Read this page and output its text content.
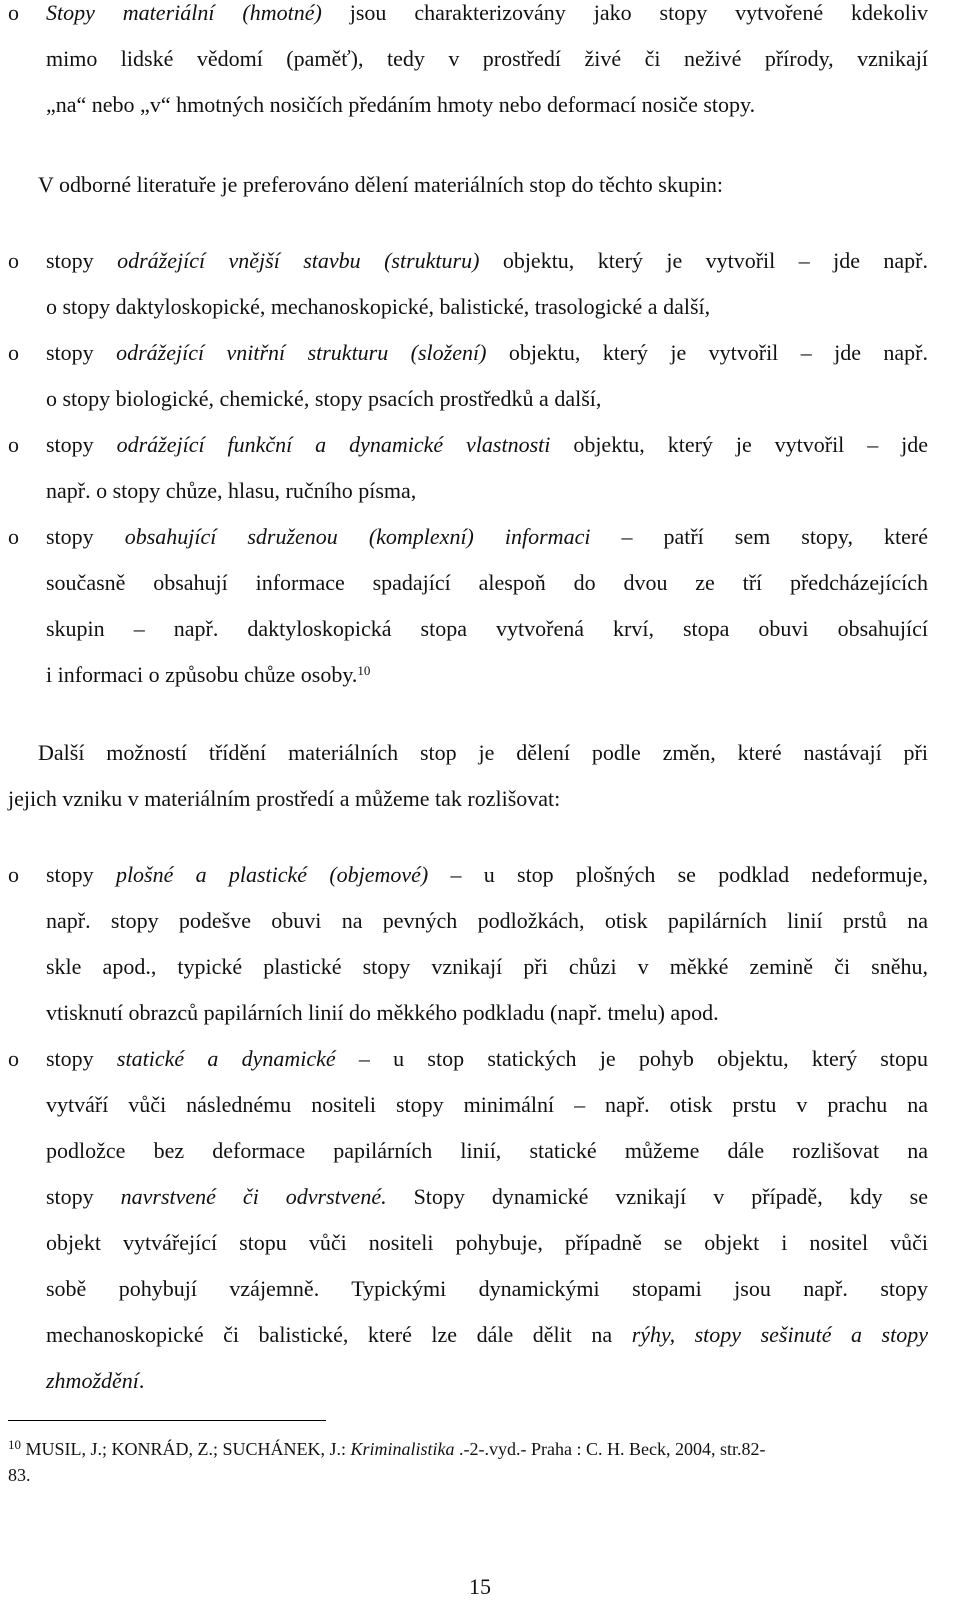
o Stopy materiální (hmotné) jsou charakterizovány jako stopy vytvořené kdekoliv
mimo lidské vědomí (paměť), tedy v prostředí živé či neživé přírody, vznikají
„na“ nebo „v“ hmotných nosičích předáním hmoty nebo deformací nosiče stopy.
V odborné literatuře je preferováno dělení materiálních stop do těchto skupin:
o stopy odrážející vnější stavbu (strukturu) objektu, který je vytvořil – jde např.
o stopy daktyloskopické, mechanoskopické, balistické, trasologické a další,
o stopy odrážející vnitřní strukturu (složení) objektu, který je vytvořil – jde např.
o stopy biologické, chemické, stopy psacích prostředků a další,
o stopy odrážející funkční a dynamické vlastnosti objektu, který je vytvořil – jde
např. o stopy chůze, hlasu, ručního písma,
o stopy obsahující sdruženou (komplexní) informaci – patří sem stopy, které
současně obsahují informace spadající alespoň do dvou ze tří předcházejících
skupin – např. daktyloskopická stopa vytvořená krví, stopa obuvi obsahující
i informaci o způsobu chůze osoby.$^{10}$
Další možností třídění materiálních stop je dělení podle změn, které nastávají při
jejich vzniku v materiálním prostředí a můžeme tak rozlišovat:
o stopy plošné a plastické (objemové) – u stop plošných se podklad nedeformuje,
např. stopy podešve obuvi na pevných podložkách, otisk papilárních linií prstů na
skle apod., typické plastické stopy vznikají při chůzi v měkké zemině či sněhu,
vtisknutí obrazců papilárních linií do měkkého podkladu (např. tmelu) apod.
o stopy statické a dynamické – u stop statických je pohyb objektu, který stopu
vytváří vůči následnému nositeli stopy minimální – např. otisk prstu v prachu na
podložce bez deformace papilárních linií, statické můžeme dále rozlišovat na
stopy navrstvené či odvrstvené. Stopy dynamické vznikají v případě, kdy se
objekt vytvářející stopu vůči nositeli pohybuje, případně se objekt i nositel vůči
sobě pohybují vzájemně. Typickými dynamickými stopami jsou např. stopy
mechanoskopické či balistické, které lze dále dělit na rýhy, stopy sešinuté a stopy
zhmoždění.
$^{10}$ MUSIL, J.; KONRÁD, Z.; SUCHÁNEK, J.: Kriminalistika .-2-.vyd.- Praha : C. H. Beck, 2004, str.82-
83.
15
